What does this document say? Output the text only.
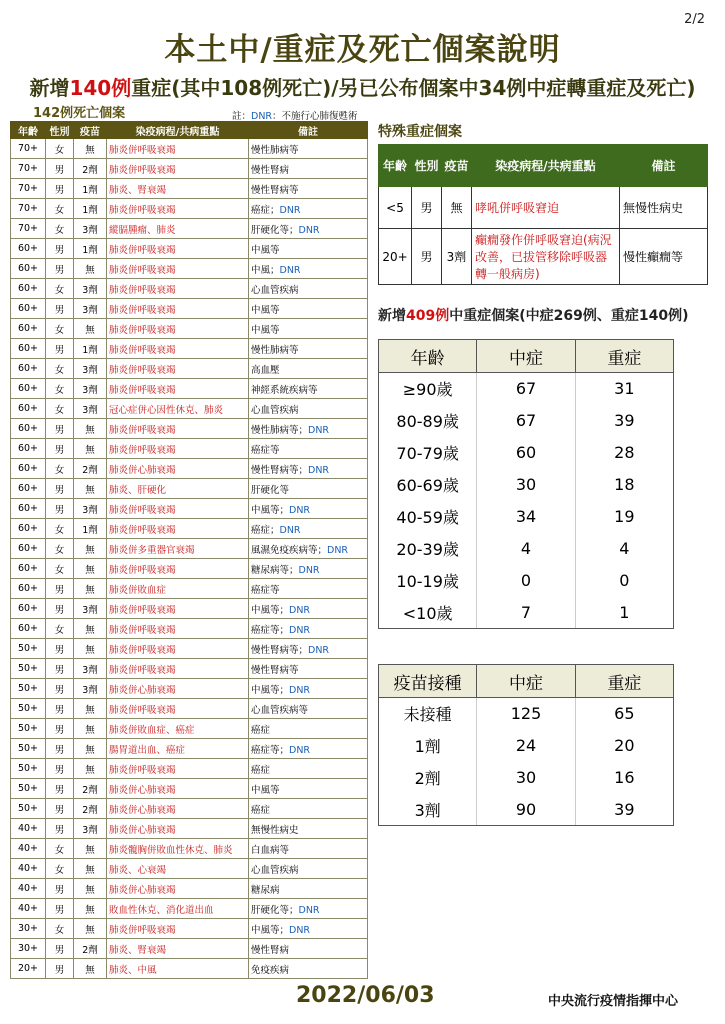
2/2
本土中/重症及死亡個案說明
新增140例重症(其中108例死亡)/另已公布個案中34例中症轉重症及死亡)
142例死亡個案	註：DNR：不施行心肺復甦術
年齡	性別	疫苗	染疫病程/共病重點	備註
70+	女	無	肺炎併呼吸衰竭	慢性肺病等
70+	男	2劑	肺炎併呼吸衰竭	慢性腎病
70+	男	1劑	肺炎、腎衰竭	慢性腎病等
70+	女	1劑	肺炎併呼吸衰竭	癌症；DNR
70+	女	3劑	縱膈腫瘤、肺炎	肝硬化等；DNR
60+	男	1劑	肺炎併呼吸衰竭	中風等
60+	男	無	肺炎併呼吸衰竭	中風；DNR
60+	女	3劑	肺炎併呼吸衰竭	心血管疾病
60+	男	3劑	肺炎併呼吸衰竭	中風等
60+	女	無	肺炎併呼吸衰竭	中風等
60+	男	1劑	肺炎併呼吸衰竭	慢性肺病等
60+	女	3劑	肺炎併呼吸衰竭	高血壓
60+	女	3劑	肺炎併呼吸衰竭	神經系統疾病等
60+	女	3劑	冠心症併心因性休克、肺炎	心血管疾病
60+	男	無	肺炎併呼吸衰竭	慢性肺病等；DNR
60+	男	無	肺炎併呼吸衰竭	癌症等
60+	女	2劑	肺炎併心肺衰竭	慢性腎病等；DNR
60+	男	無	肺炎、肝硬化	肝硬化等
60+	男	3劑	肺炎併呼吸衰竭	中風等；DNR
60+	女	1劑	肺炎併呼吸衰竭	癌症；DNR
60+	女	無	肺炎併多重器官衰竭	風濕免疫疾病等；DNR
60+	女	無	肺炎併呼吸衰竭	糖尿病等；DNR
60+	男	無	肺炎併敗血症	癌症等
60+	男	3劑	肺炎併呼吸衰竭	中風等；DNR
60+	女	無	肺炎併呼吸衰竭	癌症等；DNR
50+	男	無	肺炎併呼吸衰竭	慢性腎病等；DNR
50+	男	3劑	肺炎併呼吸衰竭	慢性腎病等
50+	男	3劑	肺炎併心肺衰竭	中風等；DNR
50+	男	無	肺炎併呼吸衰竭	心血管疾病等
50+	男	無	肺炎併敗血症、癌症	癌症
50+	男	無	腸胃道出血、癌症	癌症等；DNR
50+	男	無	肺炎併呼吸衰竭	癌症
50+	男	2劑	肺炎併心肺衰竭	中風等
50+	男	2劑	肺炎併心肺衰竭	癌症
40+	男	3劑	肺炎併心肺衰竭	無慢性病史
40+	女	無	肺炎髖胸併敗血性休克、肺炎	白血病等
40+	女	無	肺炎、心衰竭	心血管疾病
40+	男	無	肺炎併心肺衰竭	糖尿病
40+	男	無	敗血性休克、消化道出血	肝硬化等；DNR
30+	女	無	肺炎併呼吸衰竭	中風等；DNR
30+	男	2劑	肺炎、腎衰竭	慢性腎病
20+	男	無	肺炎、中風	免疫疾病
特殊重症個案
年齡	性別	疫苗	染疫病程/共病重點	備註
<5	男	無	哮吼併呼吸窘迫	無慢性病史
20+	男	3劑	癲癇發作併呼吸窘迫(病況改善，已拔管移除呼吸器轉一般病房)	慢性癲癇等
新增409例中重症個案(中症269例、重症140例)
年齡	中症	重症
≥90歲	67	31
80-89歲	67	39
70-79歲	60	28
60-69歲	30	18
40-59歲	34	19
20-39歲	4	4
10-19歲	0	0
<10歲	7	1
疫苗接種	中症	重症
未接種	125	65
1劑	24	20
2劑	30	16
3劑	90	39
2022/06/03	中央流行疫情指揮中心
